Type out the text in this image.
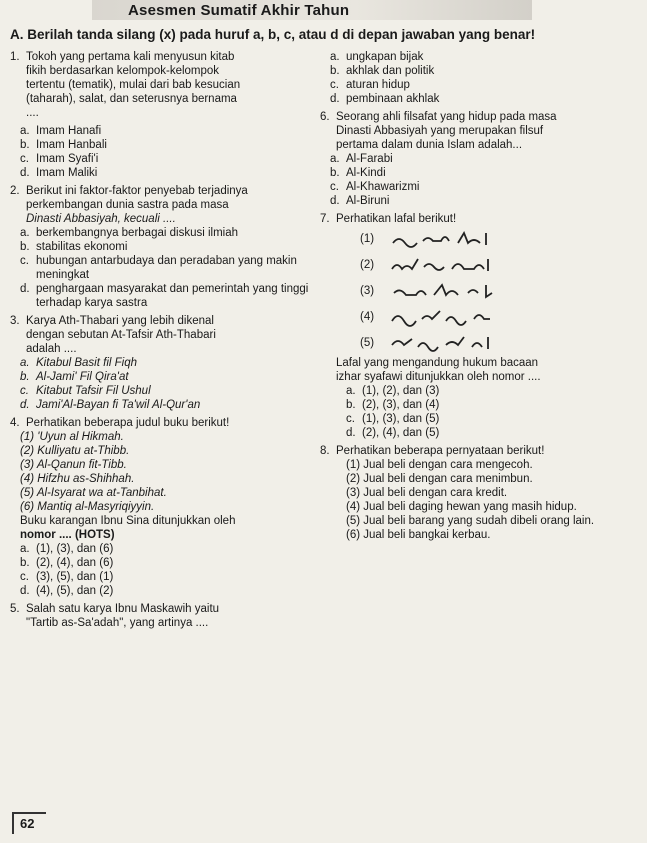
Asesmen Sumatif Akhir Tahun
A. Berilah tanda silang (x) pada huruf a, b, c, atau d di depan jawaban yang benar!
1. Tokoh yang pertama kali menyusun kitab
fikih berdasarkan kelompok-kelompok
tertentu (tematik), mulai dari bab kesucian
(taharah), salat, dan seterusnya bernama
....
a. Imam Hanafi
b. Imam Hanbali
c. Imam Syafi'i
d. Imam Maliki
2. Berikut ini faktor-faktor penyebab terjadinya
perkembangan dunia sastra pada masa
Dinasti Abbasiyah, kecuali ....
a. berkembangnya berbagai diskusi ilmiah
b. stabilitas ekonomi
c. hubungan antarbudaya dan peradaban yang makin meningkat
d. penghargaan masyarakat dan pemerintah yang tinggi terhadap karya sastra
3. Karya Ath-Thabari yang lebih dikenal
dengan sebutan At-Tafsir Ath-Thabari
adalah ....
a. Kitabul Basit fil Fiqh
b. Al-Jami' Fil Qira'at
c. Kitabut Tafsir Fil Ushul
d. Jami'Al-Bayan fi Ta'wil Al-Qur'an
4. Perhatikan beberapa judul buku berikut!
(1) 'Uyun al Hikmah.
(2) Kulliyatu at-Thibb.
(3) Al-Qanun fit-Tibb.
(4) Hifzhu as-Shihhah.
(5) Al-Isyarat wa at-Tanbihat.
(6) Mantiq al-Masyriqiyyin.
Buku karangan Ibnu Sina ditunjukkan oleh
nomor .... (HOTS)
a. (1), (3), dan (6)
b. (2), (4), dan (6)
c. (3), (5), dan (1)
d. (4), (5), dan (2)
5. Salah satu karya Ibnu Maskawih yaitu
"Tartib as-Sa'adah", yang artinya ....
a. ungkapan bijak
b. akhlak dan politik
c. aturan hidup
d. pembinaan akhlak
6. Seorang ahli filsafat yang hidup pada masa
Dinasti Abbasiyah yang merupakan filsuf
pertama dalam dunia Islam adalah...
a. Al-Farabi
b. Al-Kindi
c. Al-Khawarizmi
d. Al-Biruni
7. Perhatikan lafal berikut!
(1)
(2)
(3)
(4)
(5)
Lafal yang mengandung hukum bacaan
izhar syafawi ditunjukkan oleh nomor ....
a. (1), (2), dan (3)
b. (2), (3), dan (4)
c. (1), (3), dan (5)
d. (2), (4), dan (5)
8. Perhatikan beberapa pernyataan berikut!
(1) Jual beli dengan cara mengecoh.
(2) Jual beli dengan cara menimbun.
(3) Jual beli dengan cara kredit.
(4) Jual beli daging hewan yang masih hidup.
(5) Jual beli barang yang sudah dibeli orang lain.
(6) Jual beli bangkai kerbau.
62
